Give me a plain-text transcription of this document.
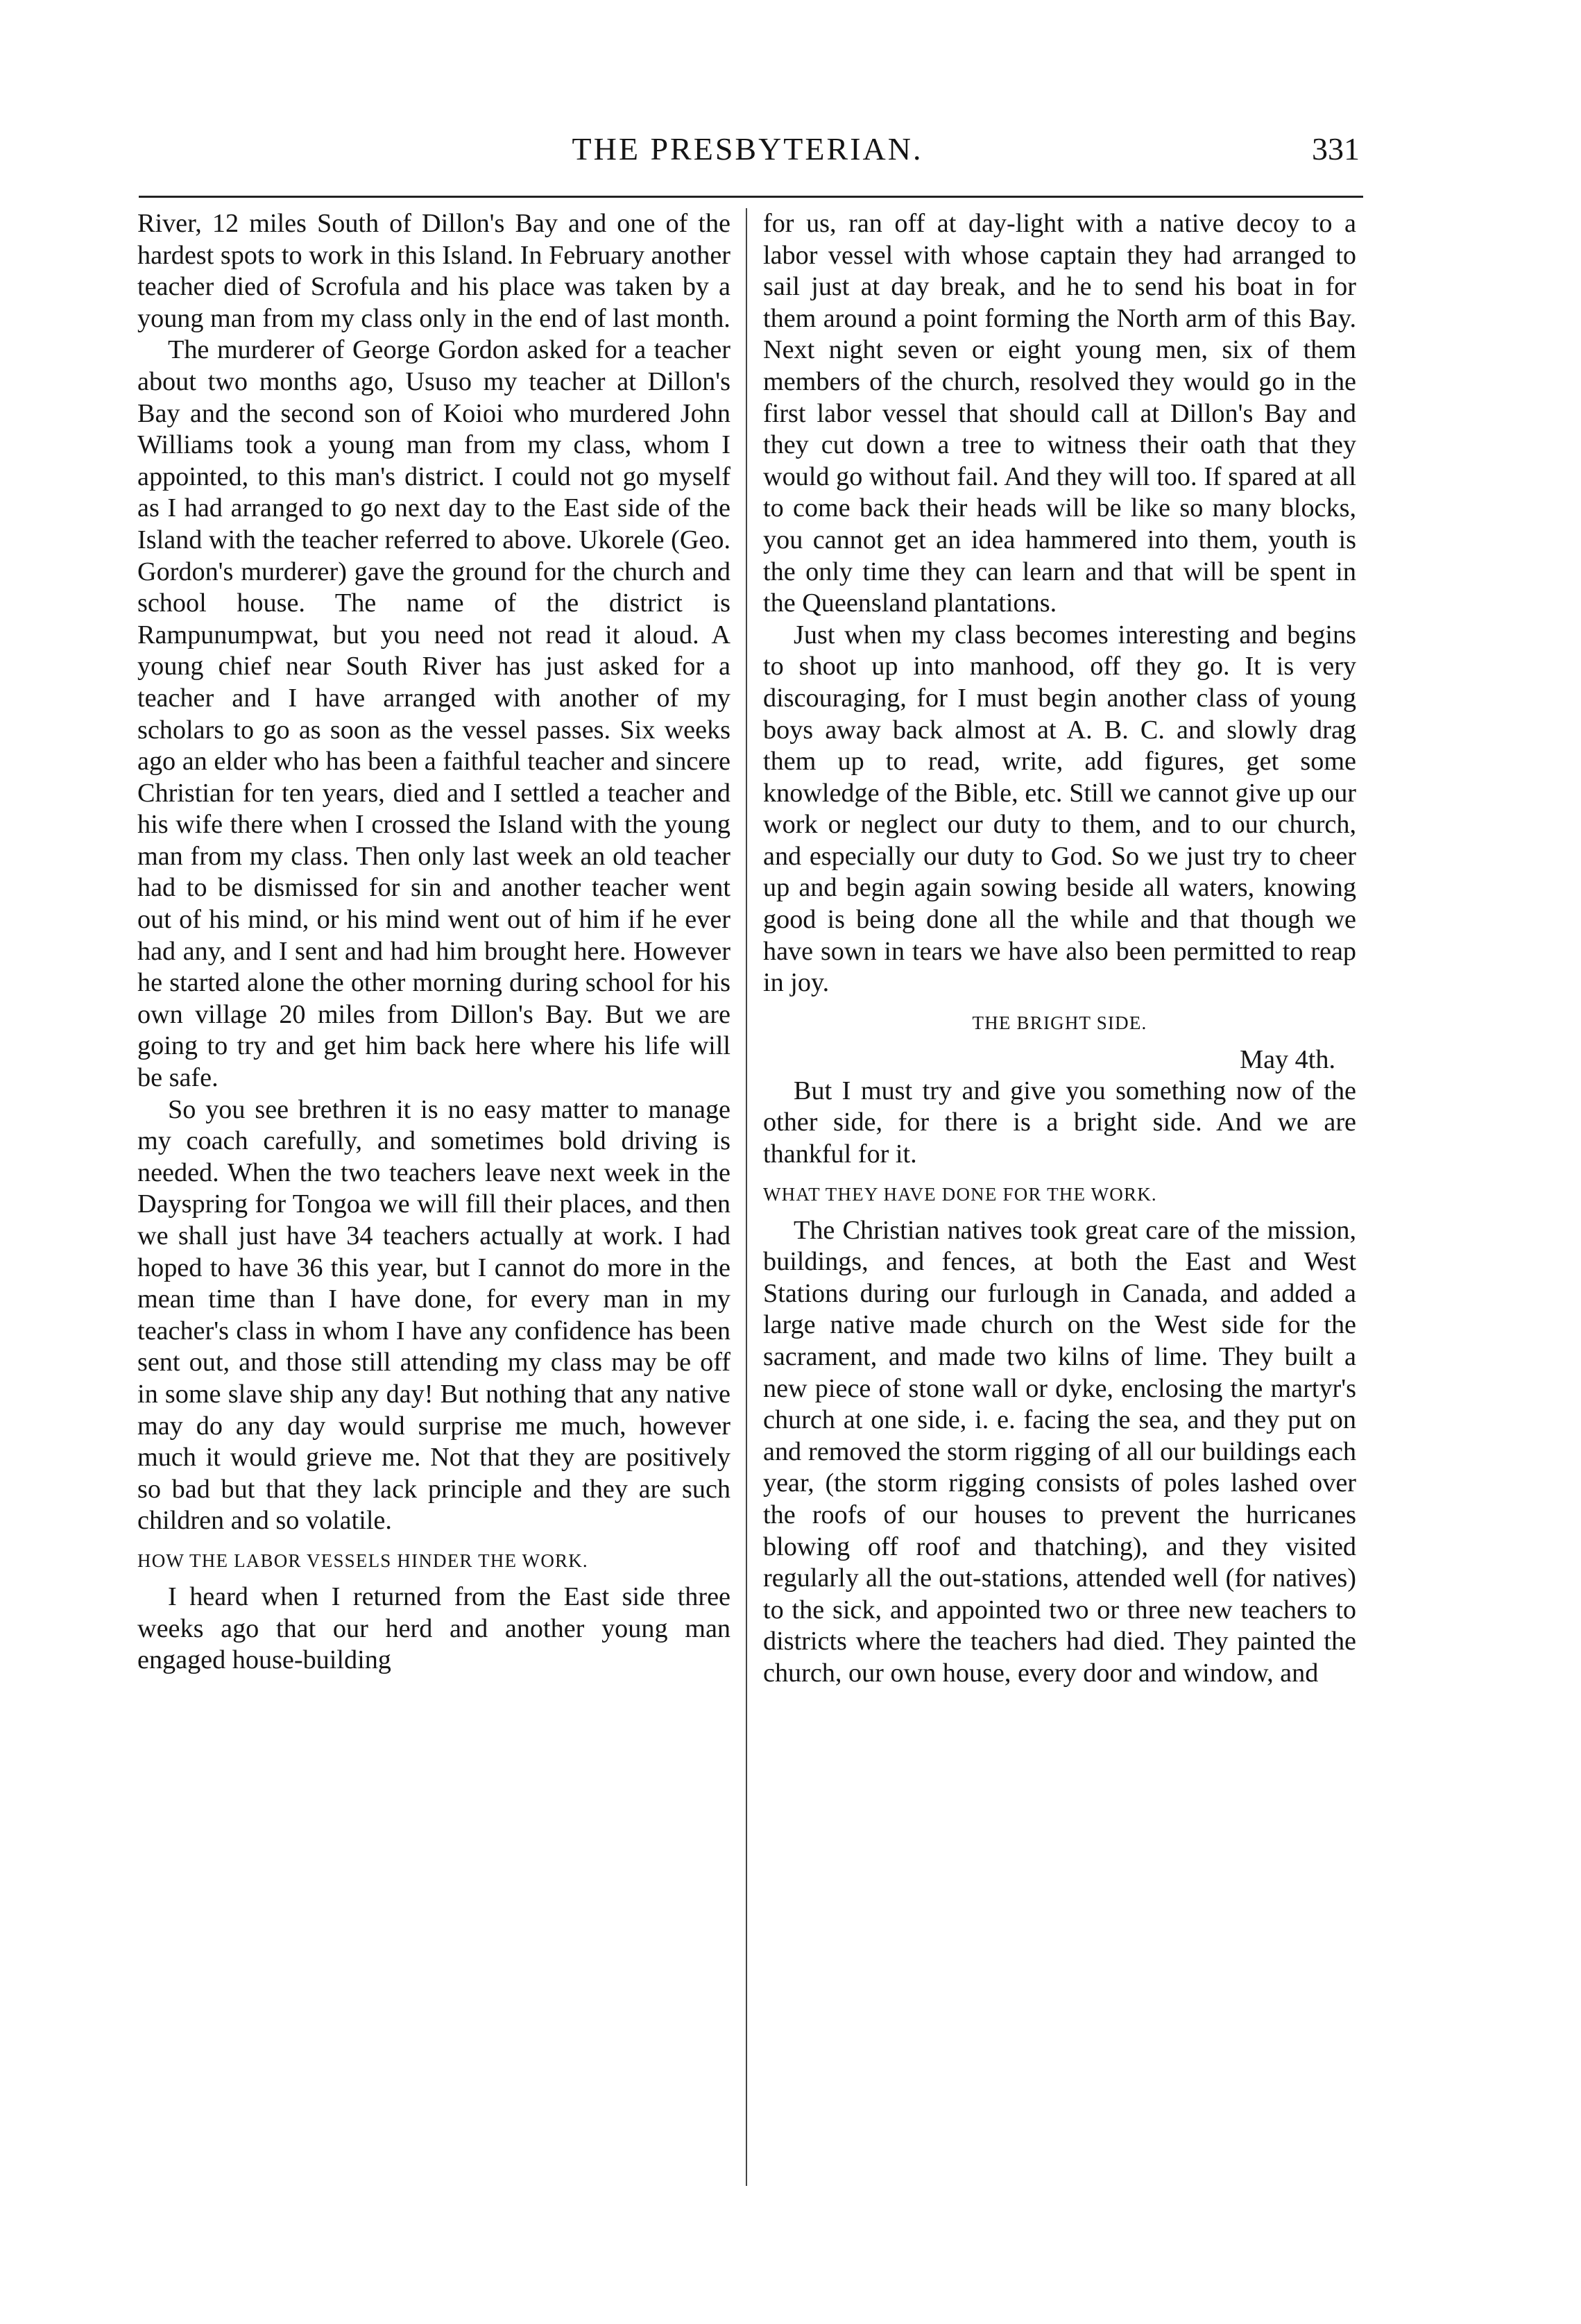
THE PRESBYTERIAN.	331

River, 12 miles South of Dillon's Bay and one of the hardest spots to work in this Island. In February another teacher died of Scrofula and his place was taken by a young man from my class only in the end of last month.

The murderer of George Gordon asked for a teacher about two months ago, Ususo my teacher at Dillon's Bay and the second son of Koioi who murdered John Williams took a young man from my class, whom I appointed, to this man's district. I could not go myself as I had arranged to go next day to the East side of the Island with the teacher referred to above. Ukorele (Geo. Gordon's murderer) gave the ground for the church and school house. The name of the district is Rampunumpwat, but you need not read it aloud. A young chief near South River has just asked for a teacher and I have arranged with another of my scholars to go as soon as the vessel passes. Six weeks ago an elder who has been a faithful teacher and sincere Christian for ten years, died and I settled a teacher and his wife there when I crossed the Island with the young man from my class. Then only last week an old teacher had to be dismissed for sin and another teacher went out of his mind, or his mind went out of him if he ever had any, and I sent and had him brought here. However he started alone the other morning during school for his own village 20 miles from Dillon's Bay. But we are going to try and get him back here where his life will be safe.

So you see brethren it is no easy matter to manage my coach carefully, and sometimes bold driving is needed. When the two teachers leave next week in the Dayspring for Tongoa we will fill their places, and then we shall just have 34 teachers actually at work. I had hoped to have 36 this year, but I cannot do more in the mean time than I have done, for every man in my teacher's class in whom I have any confidence has been sent out, and those still attending my class may be off in some slave ship any day! But nothing that any native may do any day would surprise me much, however much it would grieve me. Not that they are positively so bad but that they lack principle and they are such children and so volatile.

HOW THE LABOR VESSELS HINDER THE WORK.

I heard when I returned from the East side three weeks ago that our herd and another young man engaged house-building

for us, ran off at day-light with a native decoy to a labor vessel with whose captain they had arranged to sail just at day break, and he to send his boat in for them around a point forming the North arm of this Bay. Next night seven or eight young men, six of them members of the church, resolved they would go in the first labor vessel that should call at Dillon's Bay and they cut down a tree to witness their oath that they would go without fail. And they will too. If spared at all to come back their heads will be like so many blocks, you cannot get an idea hammered into them, youth is the only time they can learn and that will be spent in the Queensland plantations.

Just when my class becomes interesting and begins to shoot up into manhood, off they go. It is very discouraging, for I must begin another class of young boys away back almost at A. B. C. and slowly drag them up to read, write, add figures, get some knowledge of the Bible, etc. Still we cannot give up our work or neglect our duty to them, and to our church, and especially our duty to God. So we just try to cheer up and begin again sowing beside all waters, knowing good is being done all the while and that though we have sown in tears we have also been permitted to reap in joy.

THE BRIGHT SIDE.

May 4th.

But I must try and give you something now of the other side, for there is a bright side. And we are thankful for it.

WHAT THEY HAVE DONE FOR THE WORK.

The Christian natives took great care of the mission, buildings, and fences, at both the East and West Stations during our furlough in Canada, and added a large native made church on the West side for the sacrament, and made two kilns of lime. They built a new piece of stone wall or dyke, enclosing the martyr's church at one side, i. e. facing the sea, and they put on and removed the storm rigging of all our buildings each year, (the storm rigging consists of poles lashed over the roofs of our houses to prevent the hurricanes blowing off roof and thatching), and they visited regularly all the out-stations, attended well (for natives) to the sick, and appointed two or three new teachers to districts where the teachers had died. They painted the church, our own house, every door and window, and
